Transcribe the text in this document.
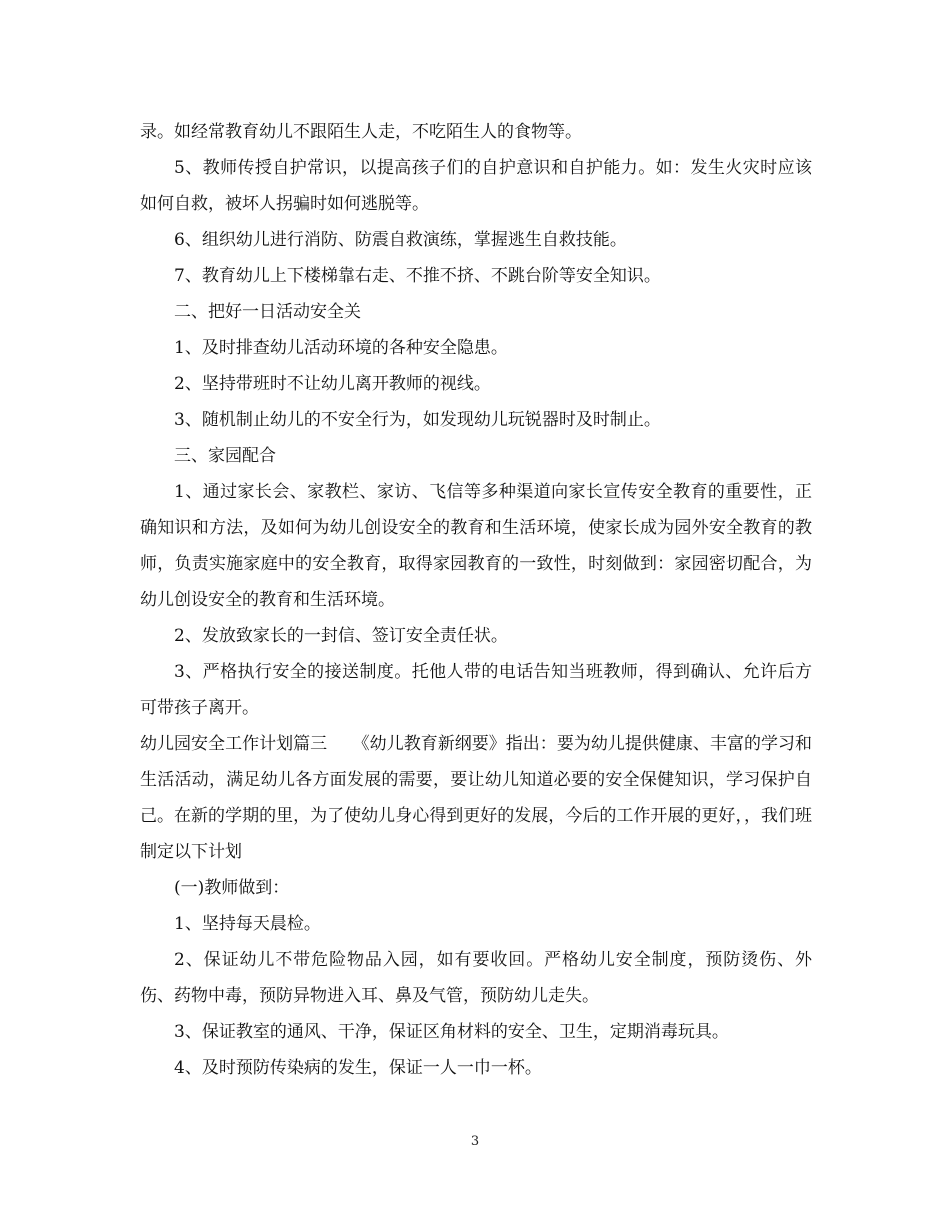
录。如经常教育幼儿不跟陌生人走，不吃陌生人的食物等。

5、教师传授自护常识，以提高孩子们的自护意识和自护能力。如：发生火灾时应该如何自救，被坏人拐骗时如何逃脱等。

6、组织幼儿进行消防、防震自救演练，掌握逃生自救技能。

7、教育幼儿上下楼梯靠右走、不推不挤、不跳台阶等安全知识。

二、把好一日活动安全关

1、及时排查幼儿活动环境的各种安全隐患。

2、坚持带班时不让幼儿离开教师的视线。

3、随机制止幼儿的不安全行为，如发现幼儿玩锐器时及时制止。

三、家园配合

1、通过家长会、家教栏、家访、飞信等多种渠道向家长宣传安全教育的重要性，正确知识和方法，及如何为幼儿创设安全的教育和生活环境，使家长成为园外安全教育的教师，负责实施家庭中的安全教育，取得家园教育的一致性，时刻做到：家园密切配合，为幼儿创设安全的教育和生活环境。

2、发放致家长的一封信、签订安全责任状。

3、严格执行安全的接送制度。托他人带的电话告知当班教师，得到确认、允许后方可带孩子离开。

幼儿园安全工作计划篇三　　《幼儿教育新纲要》指出：要为幼儿提供健康、丰富的学习和生活活动，满足幼儿各方面发展的需要，要让幼儿知道必要的安全保健知识，学习保护自己。在新的学期的里，为了使幼儿身心得到更好的发展，今后的工作开展的更好，，我们班制定以下计划

(一)教师做到：

1、坚持每天晨检。

2、保证幼儿不带危险物品入园，如有要收回。严格幼儿安全制度，预防烫伤、外伤、药物中毒，预防异物进入耳、鼻及气管，预防幼儿走失。

3、保证教室的通风、干净，保证区角材料的安全、卫生，定期消毒玩具。

4、及时预防传染病的发生，保证一人一巾一杯。

3
